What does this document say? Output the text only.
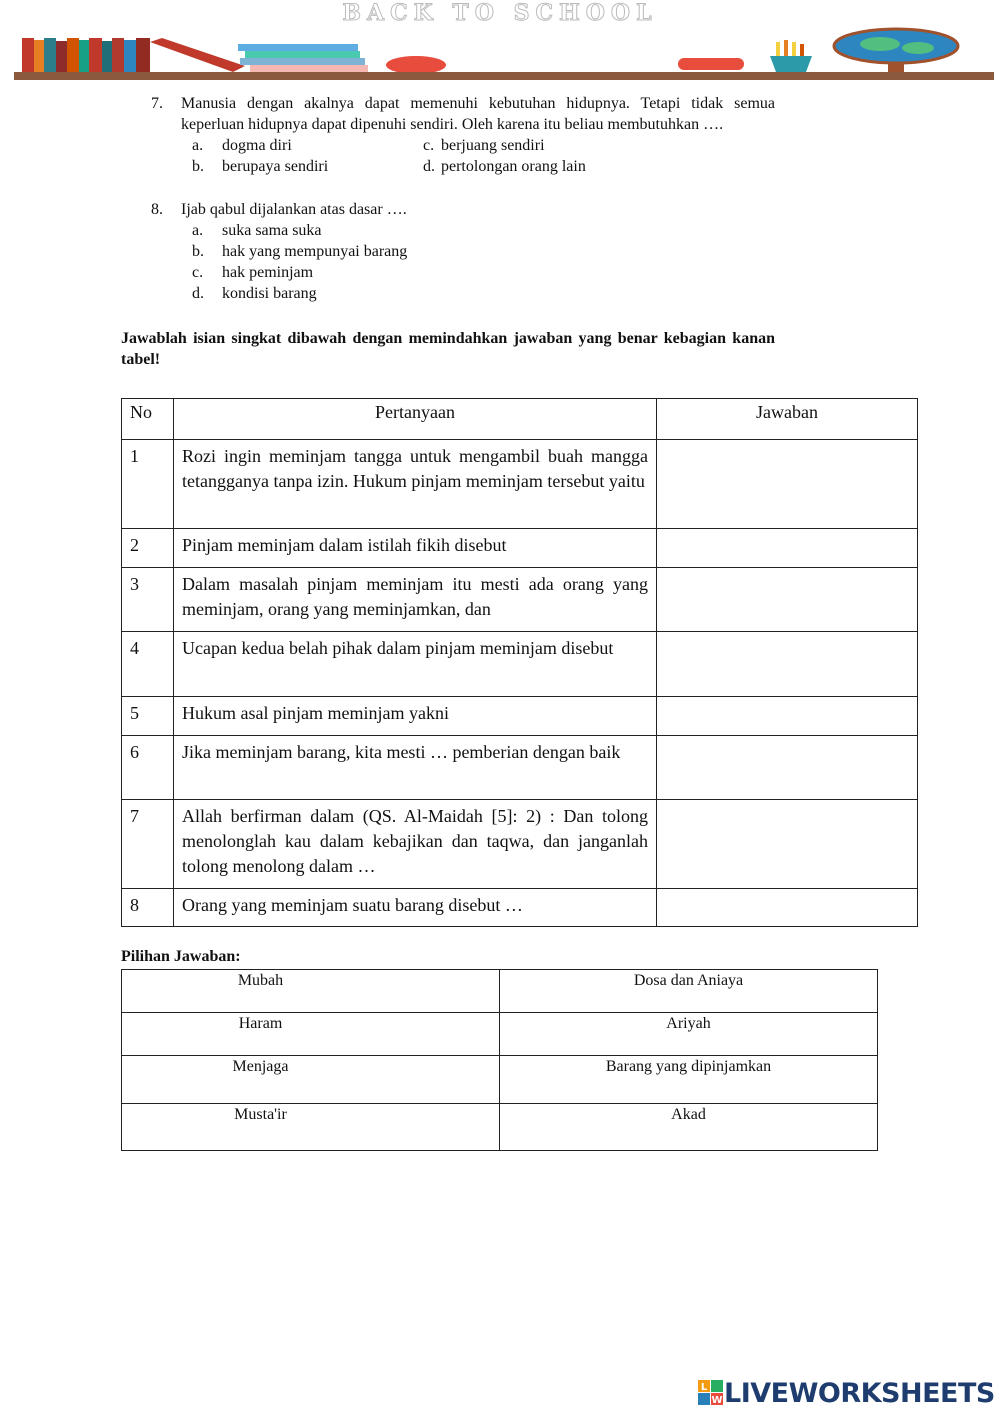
BACK TO SCHOOL
7.	Manusia dengan akalnya dapat memenuhi kebutuhan hidupnya. Tetapi tidak semua keperluan hidupnya dapat dipenuhi sendiri. Oleh karena itu beliau membutuhkan ….
a.	dogma diri	c. berjuang sendiri
b.	berupaya sendiri	d. pertolongan orang lain
8.	Ijab qabul dijalankan atas dasar ….
a.	suka sama suka
b.	hak yang mempunyai barang
c.	hak peminjam
d.	kondisi barang
Jawablah isian singkat dibawah dengan memindahkan jawaban yang benar kebagian kanan tabel!
No	Pertanyaan	Jawaban
1	Rozi ingin meminjam tangga untuk mengambil buah mangga tetangganya tanpa izin. Hukum pinjam meminjam tersebut yaitu	
2	Pinjam meminjam dalam istilah fikih disebut	
3	Dalam masalah pinjam meminjam itu mesti ada orang yang meminjam, orang yang meminjamkan, dan	
4	Ucapan kedua belah pihak dalam pinjam meminjam disebut	
5	Hukum asal pinjam meminjam yakni	
6	Jika meminjam barang, kita mesti … pemberian dengan baik	
7	Allah berfirman dalam (QS. Al-Maidah [5]: 2) : Dan tolong menolonglah kau dalam kebajikan dan taqwa, dan janganlah tolong menolong dalam …	
8	Orang yang meminjam suatu barang disebut …	
Pilihan Jawaban:
Mubah	Dosa dan Aniaya
Haram	Ariyah
Menjaga	Barang yang dipinjamkan
Musta'ir	Akad
L
W LIVEWORKSHEETS
